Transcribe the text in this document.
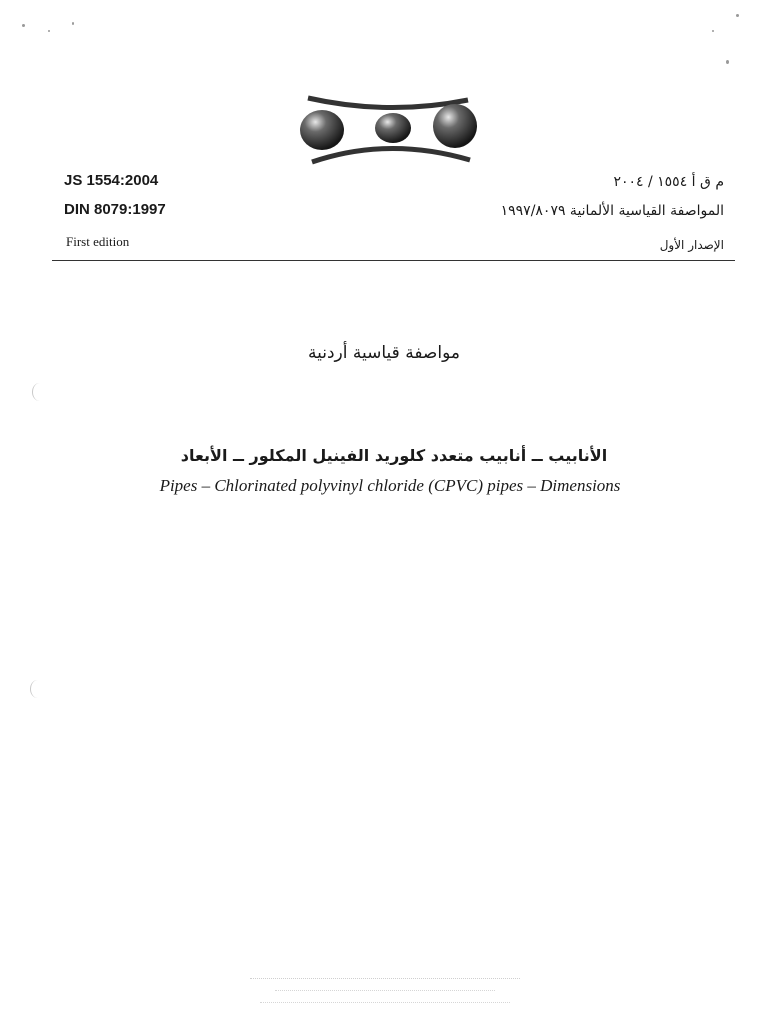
JS 1554:2004
DIN 8079:1997
First edition
م ق أ ١٥٥٤ / ٢٠٠٤
المواصفة القياسية الألمانية ١٩٩٧/٨٠٧٩
الإصدار الأول
مواصفة قياسية أردنية
الأنابيب ــ أنابيب متعدد كلوريد الفينيل المكلور ــ الأبعاد
Pipes – Chlorinated polyvinyl chloride (CPVC) pipes – Dimensions
